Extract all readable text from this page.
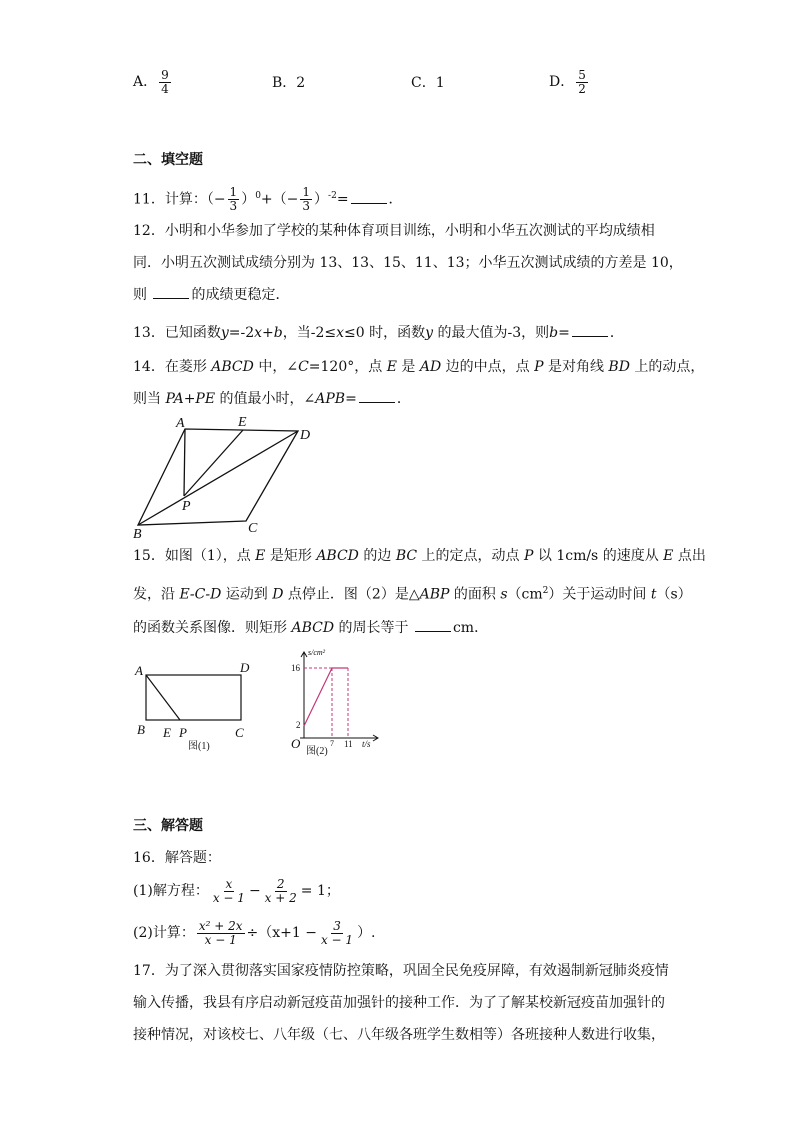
A． $\frac{9}{4}$	B．2	C．1	D． $\frac{5}{2}$
二、填空题
11．计算：（− $\frac{1}{3} )^0+(- \frac{1}{3} )^{-2}=$	．
12．小明和小华参加了学校的某种体育项目训练，小明和小华五次测试的平均成绩相
同．小明五次测试成绩分别为 13、13、15、11、13；小华五次测试成绩的方差是 10，
则	的成绩更稳定．
13．已知函数y=-2x+b，当-2≤x≤0 时，函数y 的最大值为-3，则b=	．
14．在菱形 ABCD 中，∠C=120°，点 E 是 AD 边的中点，点 P 是对角线 BD 上的动点，
则当 PA+PE 的值最小时，∠APB=	．
A	E
D
P
B	C
15．如图（1），点 E 是矩形 ABCD 的边 BC 上的定点，动点 P 以 1cm/s 的速度从 E 点出
发，沿 E-C-D 运动到 D 点停止．图（2）是△ABP 的面积 $s(cm^2)$关于运动时间 t（s）
的函数关系图像．则矩形 ABCD 的周长等于	cm．
A	D
B E P	C
图(1)
s/cm²
16
2
O	7 11 t/s
图(2)
三、解答题
16．解答题：
(1)解方程： $\frac{x}{x - 1} - \frac{2}{x + 2} = 1$；
(2)计算： $\frac{\text{x² + 2x}}{x - 1} \div(x+1 - \frac{3}{x - 1}$ ）.
17．为了深入贯彻落实国家疫情防控策略，巩固全民免疫屏障，有效遏制新冠肺炎疫情
输入传播，我县有序启动新冠疫苗加强针的接种工作．为了了解某校新冠疫苗加强针的
接种情况，对该校七、八年级（七、八年级各班学生数相等）各班接种人数进行收集，
